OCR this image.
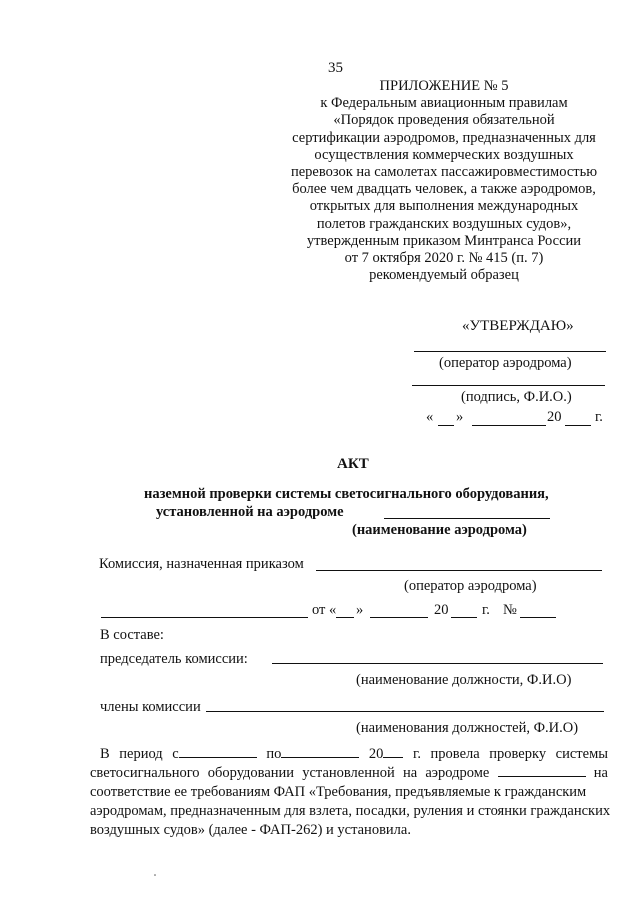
35
ПРИЛОЖЕНИЕ № 5
к Федеральным авиационным правилам
«Порядок проведения обязательной
сертификации аэродромов, предназначенных для
осуществления коммерческих воздушных
перевозок на самолетах пассажировместимостью
более чем двадцать человек, а также аэродромов,
открытых для выполнения международных
полетов гражданских воздушных судов»,
утвержденным приказом Минтранса России
от 7 октября 2020 г. № 415 (п. 7)
рекомендуемый образец
«УТВЕРЖДАЮ»
(оператор аэродрома)
(подпись, Ф.И.О.)
« »	20 г.
АКТ
наземной проверки системы светосигнального оборудования,
установленной на аэродроме
(наименование аэродрома)
Комиссия, назначенная приказом
(оператор аэродрома)
от « »	20 г. №
В составе:
председатель комиссии:
(наименование должности, Ф.И.О)
члены комиссии
(наименования должностей, Ф.И.О)
В период с	по	20	г. провела проверку системы
светосигнального оборудовании установленной на аэродроме	на
соответствие ее требованиям ФАП «Требования, предъявляемые к гражданским
аэродромам, предназначенным для взлета, посадки, руления и стоянки гражданских
воздушных судов» (далее - ФАП-262) и установила.
